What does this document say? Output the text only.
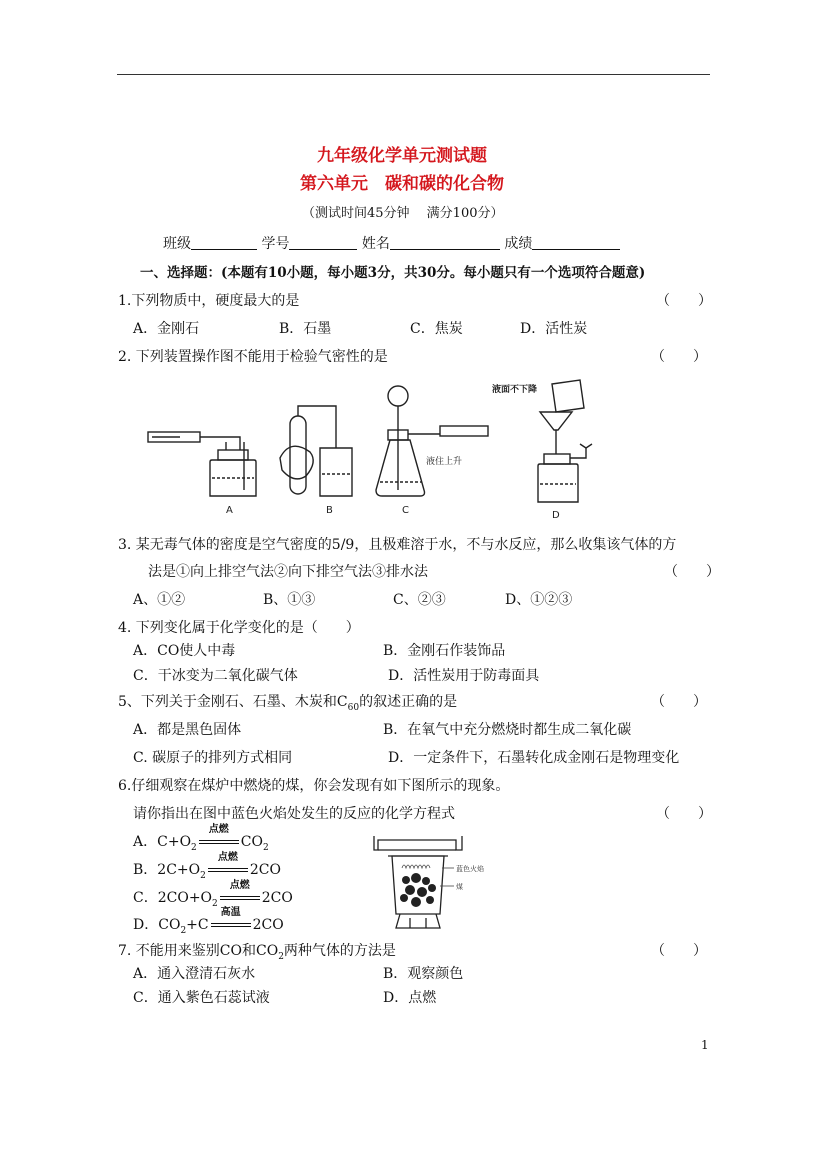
九年级化学单元测试题
第六单元　碳和碳的化合物
（测试时间45分钟　 满分100分）
班级	学号	姓名	成绩
一、选择题：(本题有10小题，每小题3分，共30分。每小题只有一个选项符合题意)
1.下列物质中，硬度最大的是	（　　）
A．金刚石	B．石墨	C．焦炭	D．活性炭
2. 下列装置操作图不能用于检验气密性的是	（　　）
A	B	C	D
液住上升
液面不下降
3. 某无毒气体的密度是空气密度的5/9，且极难溶于水，不与水反应，那么收集该气体的方
法是①向上排空气法②向下排空气法③排水法	（　　）
A、①②	B、①③	C、②③	D、①②③
4. 下列变化属于化学变化的是（　　）
A．CO使人中毒	B．金刚石作装饰品
C．干冰变为二氧化碳气体	D．活性炭用于防毒面具
5、下列关于金刚石、石墨、木炭和$C_{60}$的叙述正确的是	（　　）
A．都是黑色固体	B．在氧气中充分燃烧时都生成二氧化碳
C. 碳原子的排列方式相同	D．一定条件下，石墨转化成金刚石是物理变化
6.仔细观察在煤炉中燃烧的煤，你会发现有如下图所示的现象。
请你指出在图中蓝色火焰处发生的反应的化学方程式	（　　）
A．$C+O_2$
点燃
$CO_2$
B．$2C+O_2$
点燃
2CO
C．$2CO+O_2$
点燃
2CO
D．$CO_2+C$
高温
2CO
蓝色火焰
煤
7. 不能用来鉴别CO和$CO_2$两种气体的方法是	（　　）
A．通入澄清石灰水	B．观察颜色
C．通入紫色石蕊试液	D．点燃
1
